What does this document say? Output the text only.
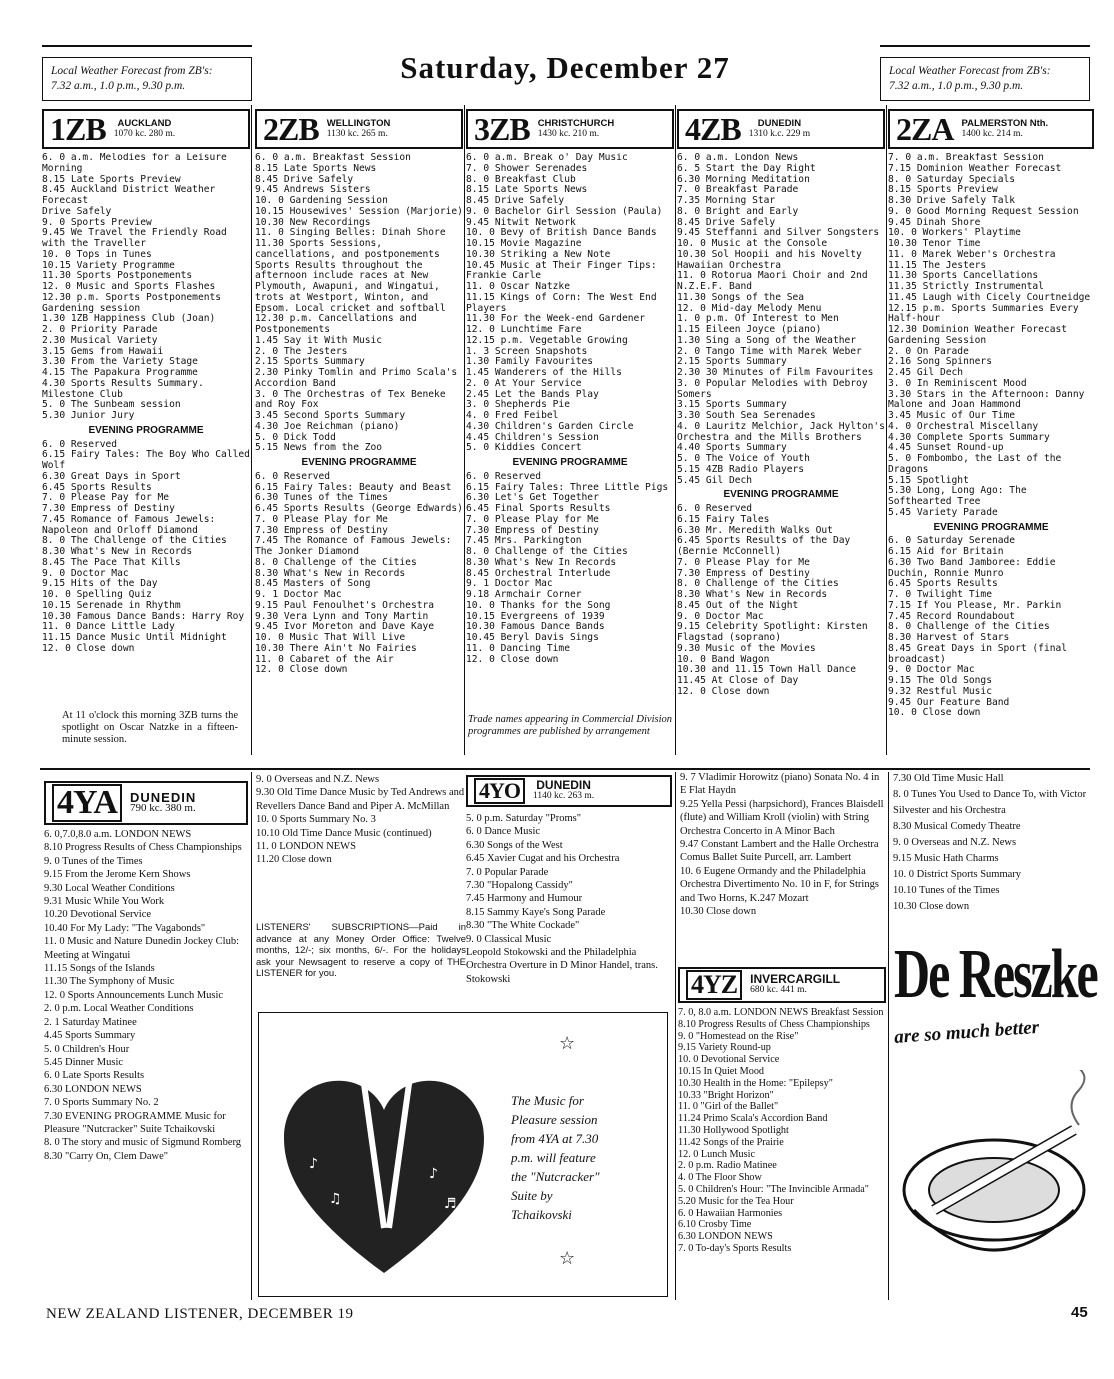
Local Weather Forecast from ZB's:
7.32 a.m., 1.0 p.m., 9.30 p.m.
Saturday, December 27	Local Weather Forecast from ZB's:
7.32 a.m., 1.0 p.m., 9.30 p.m.
1ZB	AUCKLAND
1070 kc. 280 m.
6. 0 a.m. Melodies for a Leisure Morning
8.15 Late Sports Preview
8.45 Auckland District Weather Forecast
Drive Safely
9. 0 Sports Preview
9.45 We Travel the Friendly Road with the Traveller
10. 0 Tops in Tunes
10.15 Variety Programme
11.30 Sports Postponements
12. 0 Music and Sports Flashes
12.30 p.m. Sports Postponements Gardening session
1.30 1ZB Happiness Club (Joan)
2. 0 Priority Parade
2.30 Musical Variety
3.15 Gems from Hawaii
3.30 From the Variety Stage
4.15 The Papakura Programme
4.30 Sports Results Summary. Milestone Club
5. 0 The Sunbeam session
5.30 Junior Jury
EVENING PROGRAMME
6. 0 Reserved
6.15 Fairy Tales: The Boy Who Called Wolf
6.30 Great Days in Sport
6.45 Sports Results
7. 0 Please Pay for Me
7.30 Empress of Destiny
7.45 Romance of Famous Jewels: Napoleon and Orloff Diamond
8. 0 The Challenge of the Cities
8.30 What's New in Records
8.45 The Pace That Kills
9. 0 Doctor Mac
9.15 Hits of the Day
10. 0 Spelling Quiz
10.15 Serenade in Rhythm
10.30 Famous Dance Bands: Harry Roy
11. 0 Dance Little Lady
11.15 Dance Music Until Midnight
12. 0 Close down
At 11 o'clock this morning 3ZB turns the spotlight on Oscar Natzke in a fifteen-minute session.
2ZB WELLINGTON
1130 kc. 265 m.
6. 0 a.m. Breakfast Session
8.15 Late Sports News
8.45 Drive Safely
9.45 Andrews Sisters
10. 0 Gardening Session
10.15 Housewives' Session (Marjorie)
10.30 New Recordings
11. 0 Singing Belles: Dinah Shore
11.30 Sports Sessions, cancellations, and postponements Sports Results throughout the afternoon include races at New Plymouth, Awapuni, and Wingatui, trots at Westport, Winton, and Epsom. Local cricket and softball
12.30 p.m. Cancellations and Postponements
1.45 Say it With Music
2. 0 The Jesters
2.15 Sports Summary
2.30 Pinky Tomlin and Primo Scala's Accordion Band
3. 0 The Orchestras of Tex Beneke and Roy Fox
3.45 Second Sports Summary
4.30 Joe Reichman (piano)
5. 0 Dick Todd
5.15 News from the Zoo
EVENING PROGRAMME
6. 0 Reserved
6.15 Fairy Tales: Beauty and Beast
6.30 Tunes of the Times
6.45 Sports Results (George Edwards)
7. 0 Please Play for Me
7.30 Empress of Destiny
7.45 The Romance of Famous Jewels: The Jonker Diamond
8. 0 Challenge of the Cities
8.30 What's New in Records
8.45 Masters of Song
9. 1 Doctor Mac
9.15 Paul Fenoulhet's Orchestra
9.30 Vera Lynn and Tony Martin
9.45 Ivor Moreton and Dave Kaye
10. 0 Music That Will Live
10.30 There Ain't No Fairies
11. 0 Cabaret of the Air
12. 0 Close down
3ZB CHRISTCHURCH
1430 kc. 210 m.
6. 0 a.m. Break o' Day Music
7. 0 Shower Serenades
8. 0 Breakfast Club
8.15 Late Sports News
8.45 Drive Safely
9. 0 Bachelor Girl Session (Paula)
9.45 Nitwit Network
10. 0 Bevy of British Dance Bands
10.15 Movie Magazine
10.30 Striking a New Note
10.45 Music at Their Finger Tips: Frankie Carle
11. 0 Oscar Natzke
11.15 Kings of Corn: The West End Players
11.30 For the Week-end Gardener
12. 0 Lunchtime Fare
12.15 p.m. Vegetable Growing
1. 3 Screen Snapshots
1.30 Family Favourites
1.45 Wanderers of the Hills
2. 0 At Your Service
2.45 Let the Bands Play
3. 0 Shepherds Pie
4. 0 Fred Feibel
4.30 Children's Garden Circle
4.45 Children's Session
5. 0 Kiddies Concert
EVENING PROGRAMME
6. 0 Reserved
6.15 Fairy Tales: Three Little Pigs
6.30 Let's Get Together
6.45 Final Sports Results
7. 0 Please Play for Me
7.30 Empress of Destiny
7.45 Mrs. Parkington
8. 0 Challenge of the Cities
8.30 What's New In Records
8.45 Orchestral Interlude
9. 1 Doctor Mac
9.18 Armchair Corner
10. 0 Thanks for the Song
10.15 Evergreens of 1939
10.30 Famous Dance Bands
10.45 Beryl Davis Sings
11. 0 Dancing Time
12. 0 Close down
Trade names appearing in Commercial Division programmes are published by arrangement
4ZB	DUNEDIN
1310 k.c. 229 m
6. 0 a.m. London News
6. 5 Start the Day Right
6.30 Morning Meditation
7. 0 Breakfast Parade
7.35 Morning Star
8. 0 Bright and Early
8.45 Drive Safely
9.45 Steffanni and Silver Songsters
10. 0 Music at the Console
10.30 Sol Hoopii and his Novelty Hawaiian Orchestra
11. 0 Rotorua Maori Choir and 2nd N.Z.E.F. Band
11.30 Songs of the Sea
12. 0 Mid-day Melody Menu
1. 0 p.m. Of Interest to Men
1.15 Eileen Joyce (piano)
1.30 Sing a Song of the Weather
2. 0 Tango Time with Marek Weber
2.15 Sports Summary
2.30 30 Minutes of Film Favourites
3. 0 Popular Melodies with Debroy Somers
3.15 Sports Summary
3.30 South Sea Serenades
4. 0 Lauritz Melchior, Jack Hylton's Orchestra and the Mills Brothers
4.40 Sports Summary
5. 0 The Voice of Youth
5.15 4ZB Radio Players
5.45 Gil Dech
EVENING PROGRAMME
6. 0 Reserved
6.15 Fairy Tales
6.30 Mr. Meredith Walks Out
6.45 Sports Results of the Day (Bernie McConnell)
7. 0 Please Play for Me
7.30 Empress of Destiny
8. 0 Challenge of the Cities
8.30 What's New in Records
8.45 Out of the Night
9. 0 Doctor Mac
9.15 Celebrity Spotlight: Kirsten Flagstad (soprano)
9.30 Music of the Movies
10. 0 Band Wagon
10.30 and 11.15 Town Hall Dance
11.45 At Close of Day
12. 0 Close down
2ZA PALMERSTON Nth.
1400 kc. 214 m.
7. 0 a.m. Breakfast Session
7.15 Dominion Weather Forecast
8. 0 Saturday Specials
8.15 Sports Preview
8.30 Drive Safely Talk
9. 0 Good Morning Request Session
9.45 Dinah Shore
10. 0 Workers' Playtime
10.30 Tenor Time
11. 0 Marek Weber's Orchestra
11.15 The Jesters
11.30 Sports Cancellations
11.35 Strictly Instrumental
11.45 Laugh with Cicely Courtneidge
12.15 p.m. Sports Summaries Every Half-hour
12.30 Dominion Weather Forecast Gardening Session
2. 0 On Parade
2.16 Song Spinners
2.45 Gil Dech
3. 0 In Reminiscent Mood
3.30 Stars in the Afternoon: Danny Malone and Joan Hammond
3.45 Music of Our Time
4. 0 Orchestral Miscellany
4.30 Complete Sports Summary
4.45 Sunset Round-up
5. 0 Fombombo, the Last of the Dragons
5.15 Spotlight
5.30 Long, Long Ago: The Softhearted Tree
5.45 Variety Parade
EVENING PROGRAMME
6. 0 Saturday Serenade
6.15 Aid for Britain
6.30 Two Band Jamboree: Eddie Duchin, Ronnie Munro
6.45 Sports Results
7. 0 Twilight Time
7.15 If You Please, Mr. Parkin
7.45 Record Roundabout
8. 0 Challenge of the Cities
8.30 Harvest of Stars
8.45 Great Days in Sport (final broadcast)
9. 0 Doctor Mac
9.15 The Old Songs
9.32 Restful Music
9.45 Our Feature Band
10. 0 Close down
4YA	DUNEDIN
790 kc. 380 m.
6. 0,7.0,8.0 a.m. LONDON NEWS
8.10 Progress Results of Chess Championships
9. 0 Tunes of the Times
9.15 From the Jerome Kern Shows
9.30 Local Weather Conditions
9.31 Music While You Work
10.20 Devotional Service
10.40 For My Lady: "The Vagabonds"
11. 0 Music and Nature Dunedin Jockey Club: Meeting at Wingatui
11.15 Songs of the Islands
11.30 The Symphony of Music
12. 0 Sports Announcements Lunch Music
2. 0 p.m. Local Weather Conditions
2. 1 Saturday Matinee
4.45 Sports Summary
5. 0 Children's Hour
5.45 Dinner Music
6. 0 Late Sports Results
6.30 LONDON NEWS
7. 0 Sports Summary No. 2
7.30 EVENING PROGRAMME Music for Pleasure "Nutcracker" Suite Tchaikovski
8. 0 The story and music of Sigmund Romberg
8.30 "Carry On, Clem Dawe"
9. 0 Overseas and N.Z. News
9.30 Old Time Dance Music by Ted Andrews and Revellers Dance Band and Piper A. McMillan
10. 0 Sports Summary No. 3
10.10 Old Time Dance Music (continued)
11. 0 LONDON NEWS
11.20 Close down
LISTENERS' SUBSCRIPTIONS—Paid in advance at any Money Order Office: Twelve months, 12/-; six months, 6/-. For the holidays ask your Newsagent to reserve a copy of THE LISTENER for you.
4YO	DUNEDIN
1140 kc. 263 m.
5. 0 p.m. Saturday "Proms"
6. 0 Dance Music
6.30 Songs of the West
6.45 Xavier Cugat and his Orchestra
7. 0 Popular Parade
7.30 "Hopalong Cassidy"
7.45 Harmony and Humour
8.15 Sammy Kaye's Song Parade
8.30 "The White Cockade"
9. 0 Classical Music
Leopold Stokowski and the Philadelphia Orchestra Overture in D Minor Handel, trans. Stokowski
9. 7 Vladimir Horowitz (piano) Sonata No. 4 in E Flat Haydn
9.25 Yella Pessi (harpsichord), Frances Blaisdell (flute) and William Kroll (violin) with String Orchestra Concerto in A Minor Bach
9.47 Constant Lambert and the Halle Orchestra Comus Ballet Suite Purcell, arr. Lambert
10. 6 Eugene Ormandy and the Philadelphia Orchestra Divertimento No. 10 in F, for Strings and Two Horns, K.247 Mozart
10.30 Close down
♪
♫
♪
♬
☆
☆
The Music for
Pleasure session
from 4YA at 7.30
p.m. will feature
the "Nutcracker"
Suite by
Tchaikovski
4YZ	INVERCARGILL
680 kc. 441 m.
7. 0, 8.0 a.m. LONDON NEWS Breakfast Session
8.10 Progress Results of Chess Championships
9. 0 "Homestead on the Rise"
9.15 Variety Round-up
10. 0 Devotional Service
10.15 In Quiet Mood
10.30 Health in the Home: "Epilepsy"
10.33 "Bright Horizon"
11. 0 "Girl of the Ballet"
11.24 Primo Scala's Accordion Band
11.30 Hollywood Spotlight
11.42 Songs of the Prairie
12. 0 Lunch Music
2. 0 p.m. Radio Matinee
4. 0 The Floor Show
5. 0 Children's Hour: "The Invincible Armada"
5.20 Music for the Tea Hour
6. 0 Hawaiian Harmonies
6.10 Crosby Time
6.30 LONDON NEWS
7. 0 To-day's Sports Results
7.30 Old Time Music Hall
8. 0 Tunes You Used to Dance To, with Victor Silvester and his Orchestra
8.30 Musical Comedy Theatre
9. 0 Overseas and N.Z. News
9.15 Music Hath Charms
10. 0 District Sports Summary
10.10 Tunes of the Times
10.30 Close down
De Reszke
are so much better
NEW ZEALAND LISTENER, DECEMBER 19	45
